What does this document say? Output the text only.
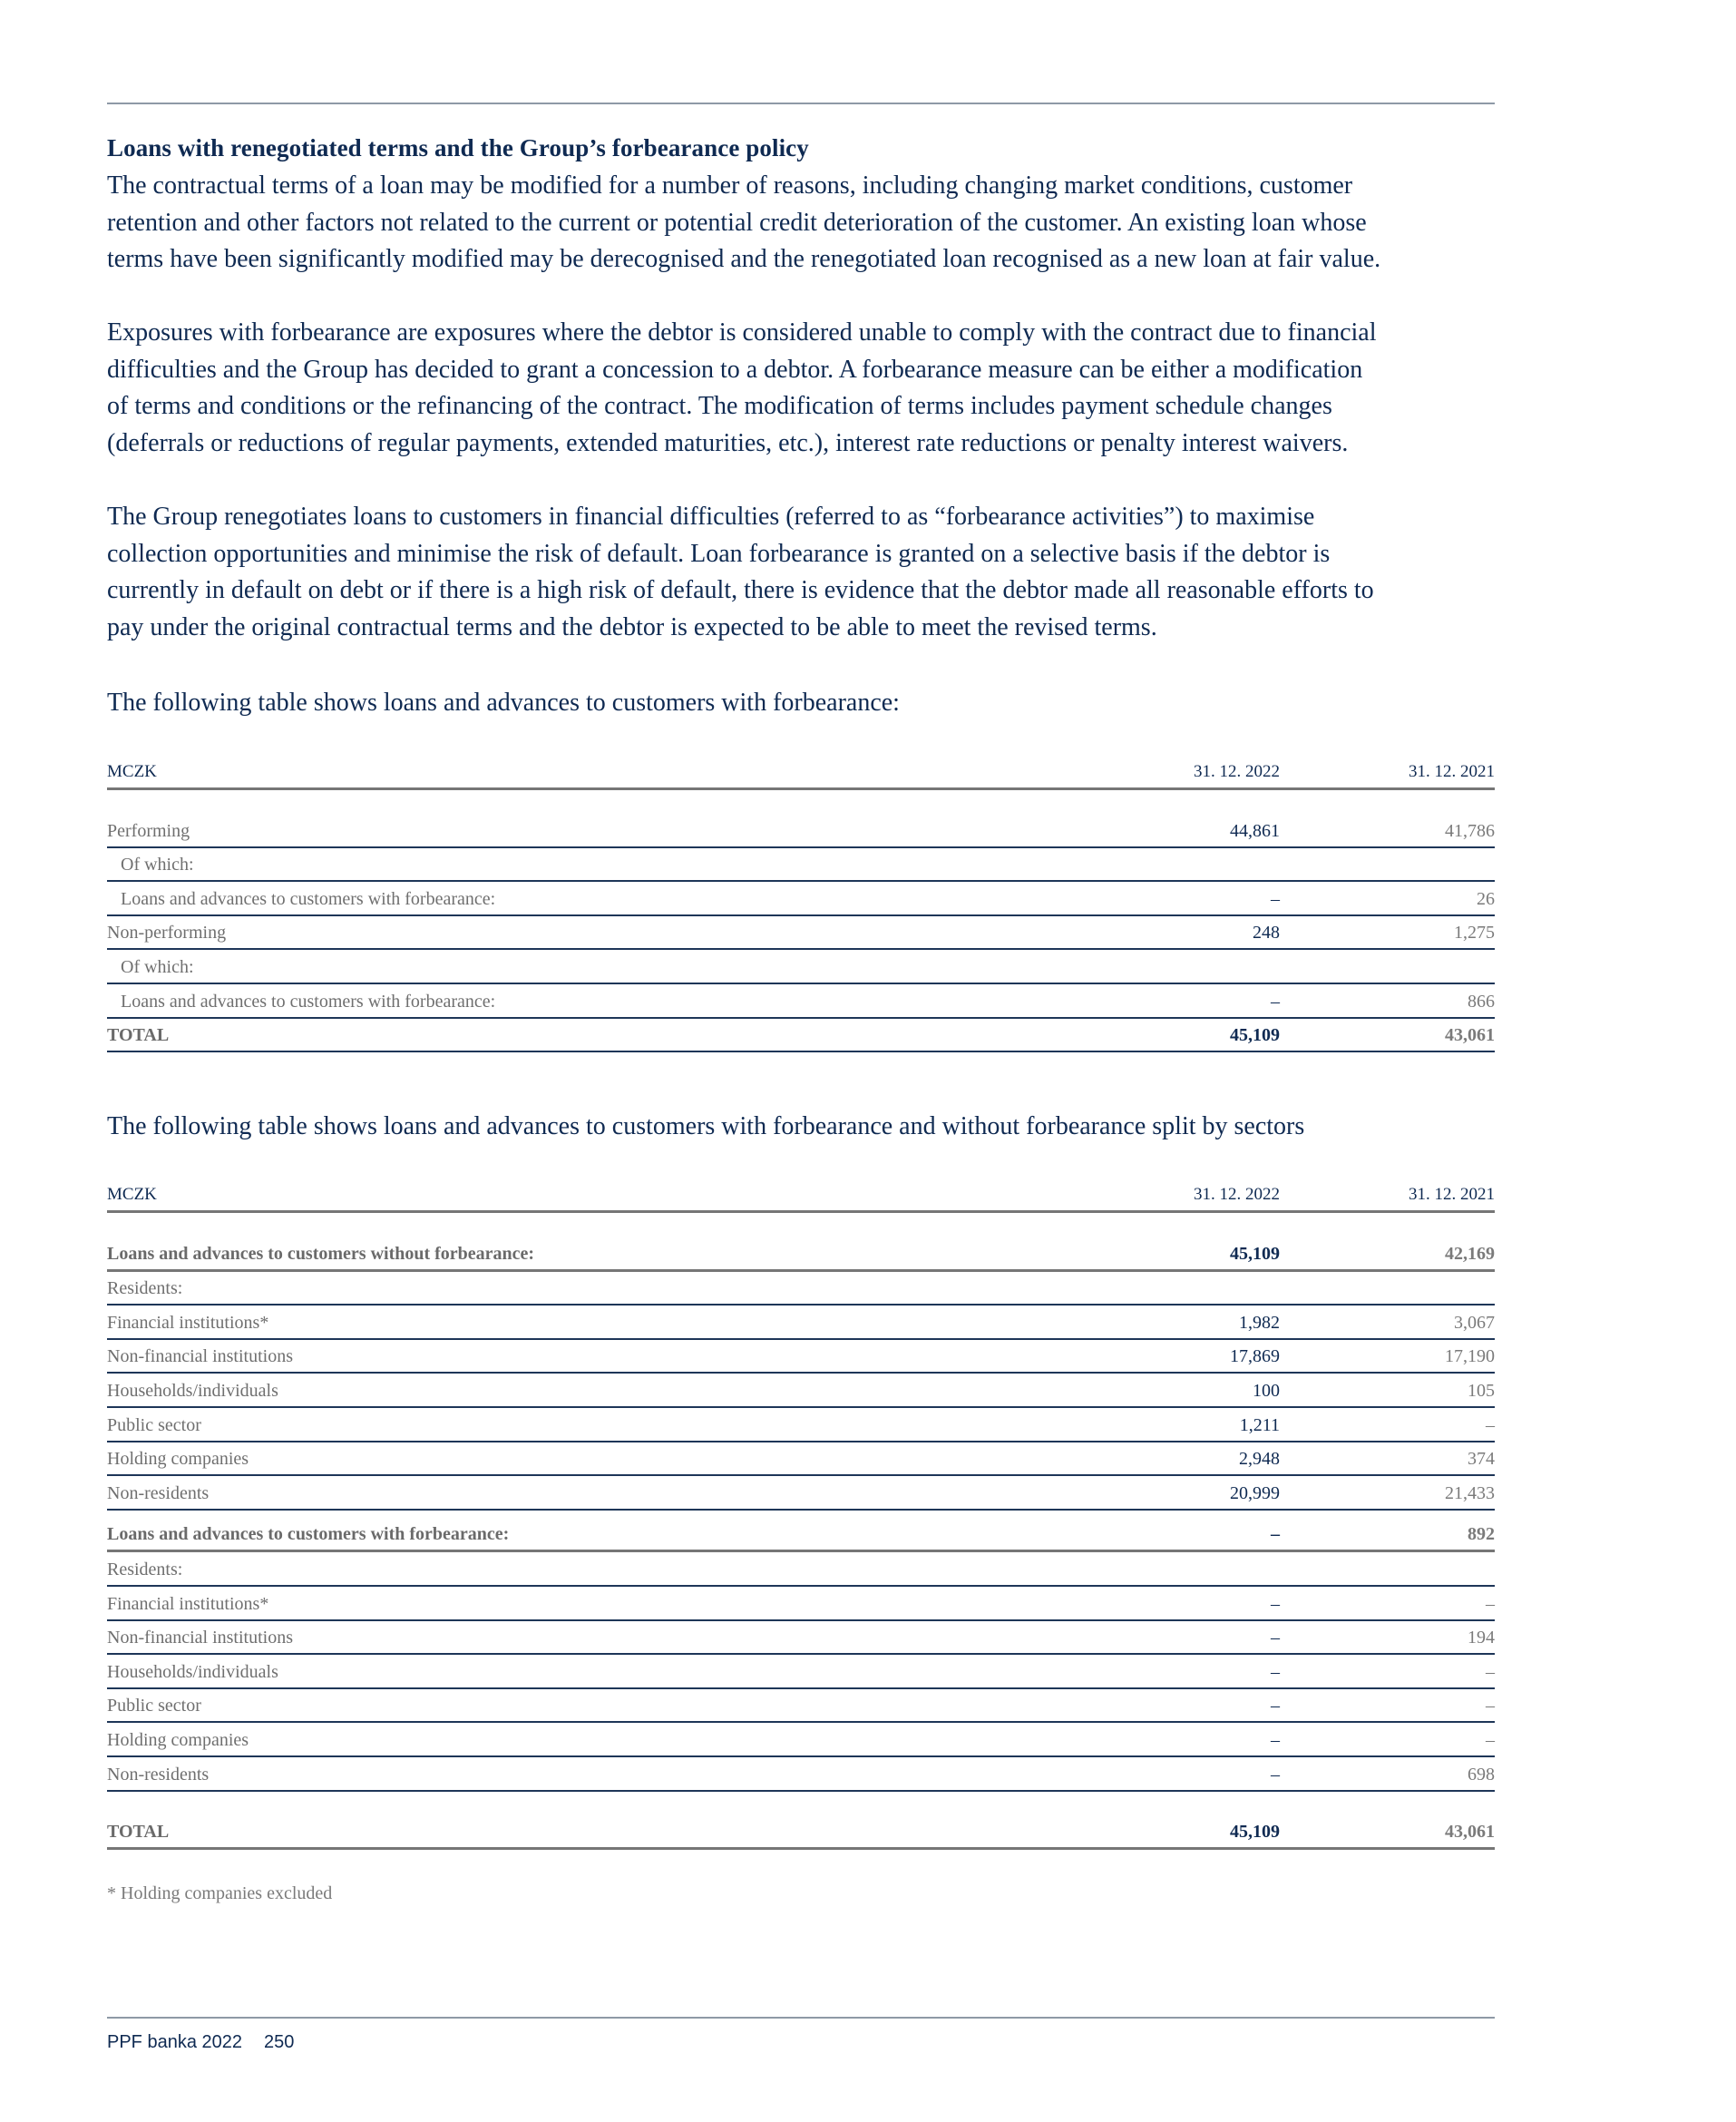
Loans with renegotiated terms and the Group’s forbearance policy
The contractual terms of a loan may be modified for a number of reasons, including changing market conditions, customer
retention and other factors not related to the current or potential credit deterioration of the customer. An existing loan whose
terms have been significantly modified may be derecognised and the renegotiated loan recognised as a new loan at fair value.
Exposures with forbearance are exposures where the debtor is considered unable to comply with the contract due to financial
difficulties and the Group has decided to grant a concession to a debtor. A forbearance measure can be either a modification
of terms and conditions or the refinancing of the contract. The modification of terms includes payment schedule changes
(deferrals or reductions of regular payments, extended maturities, etc.), interest rate reductions or penalty interest waivers.
The Group renegotiates loans to customers in financial difficulties (referred to as “forbearance activities”) to maximise
collection opportunities and minimise the risk of default. Loan forbearance is granted on a selective basis if the debtor is
currently in default on debt or if there is a high risk of default, there is evidence that the debtor made all reasonable efforts to
pay under the original contractual terms and the debtor is expected to be able to meet the revised terms.
The following table shows loans and advances to customers with forbearance:
MCZK	31. 12. 2022	31. 12. 2021
Performing	44,861	41,786
Of which:
Loans and advances to customers with forbearance:	–	26
Non-performing	248	1,275
Of which:
Loans and advances to customers with forbearance:	–	866
TOTAL	45,109	43,061
The following table shows loans and advances to customers with forbearance and without forbearance split by sectors
MCZK	31. 12. 2022	31. 12. 2021
Loans and advances to customers without forbearance:	45,109	42,169
Residents:
Financial institutions*	1,982	3,067
Non-financial institutions	17,869	17,190
Households/individuals	100	105
Public sector	1,211	–
Holding companies	2,948	374
Non-residents	20,999	21,433
Loans and advances to customers with forbearance:	–	892
Residents:
Financial institutions*	–	–
Non-financial institutions	–	194
Households/individuals	–	–
Public sector	–	–
Holding companies	–	–
Non-residents	–	698
TOTAL	45,109	43,061
* Holding companies excluded
PPF banka 2022 250
